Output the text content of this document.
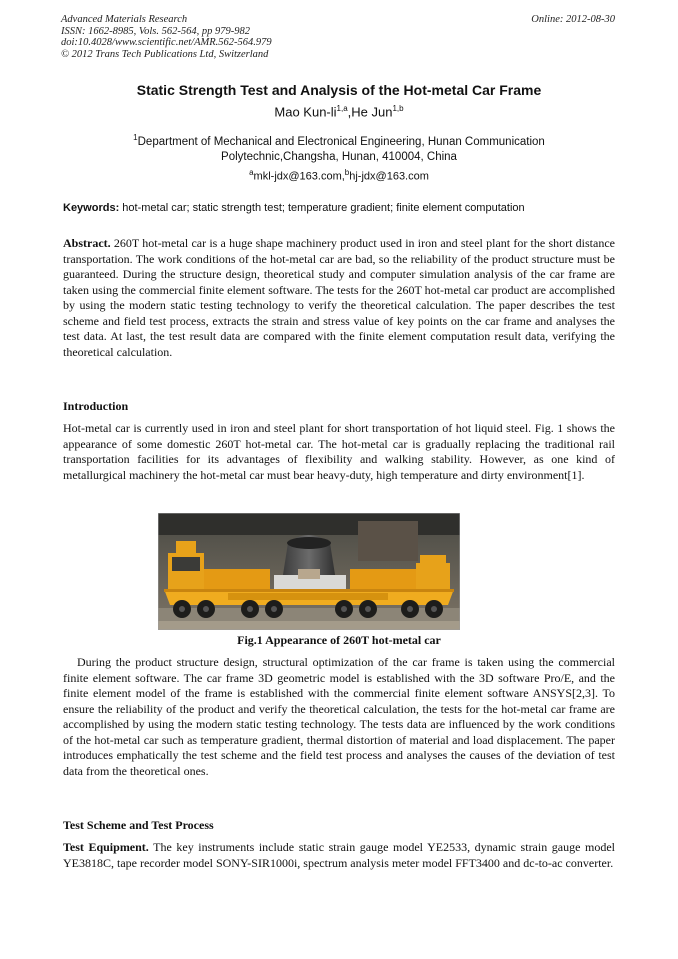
Advanced Materials Research
ISSN: 1662-8985, Vols. 562-564, pp 979-982
doi:10.4028/www.scientific.net/AMR.562-564.979
© 2012 Trans Tech Publications Ltd, Switzerland
Online: 2012-08-30
Static Strength Test and Analysis of the Hot-metal Car Frame
Mao Kun-li$^{1,a}$,He Jun$^{1,b}$
$^1$Department of Mechanical and Electronical Engineering, Hunan Communication
Polytechnic,Changsha, Hunan, 410004, China
$^a$mkl-jdx@163.com,$^b$hj-jdx@163.com
Keywords: hot-metal car; static strength test; temperature gradient; finite element computation
Abstract. 260T hot-metal car is a huge shape machinery product used in iron and steel plant for the short distance transportation. The work conditions of the hot-metal car are bad, so the reliability of the product structure must be guaranteed. During the structure design, theoretical study and computer simulation analysis of the car frame are taken using the commercial finite element software. The tests for the 260T hot-metal car product are accomplished by using the modern static testing technology to verify the theoretical calculation. The paper describes the test scheme and field test process, extracts the strain and stress value of key points on the car frame and analyses the test data. At last, the test result data are compared with the finite element computation result data, verifying the theoretical calculation.
Introduction
Hot-metal car is currently used in iron and steel plant for short transportation of hot liquid steel. Fig. 1 shows the appearance of some domestic 260T hot-metal car. The hot-metal car is gradually replacing the traditional rail transportation facilities for its advantages of flexibility and walking stability. However, as one kind of metallurgical machinery the hot-metal car must bear heavy-duty, high temperature and dirty environment[1].
Fig.1 Appearance of 260T hot-metal car
During the product structure design, structural optimization of the car frame is taken using the commercial finite element software. The car frame 3D geometric model is established with the 3D software Pro/E, and the finite element model of the frame is established with the commercial finite element software ANSYS[2,3]. To ensure the reliability of the product and verify the theoretical calculation, the tests for the hot-metal car frame are accomplished by using the modern static testing technology. The tests data are influenced by the work conditions of the hot-metal car such as temperature gradient, thermal distortion of material and load displacement. The paper introduces emphatically the test scheme and the field test process and analyses the causes of the deviation of test data from the theoretical ones.
Test Scheme and Test Process
Test Equipment. The key instruments include static strain gauge model YE2533, dynamic strain gauge model YE3818C, tape recorder model SONY-SIR1000i, spectrum analysis meter model FFT3400 and dc-to-ac converter.
